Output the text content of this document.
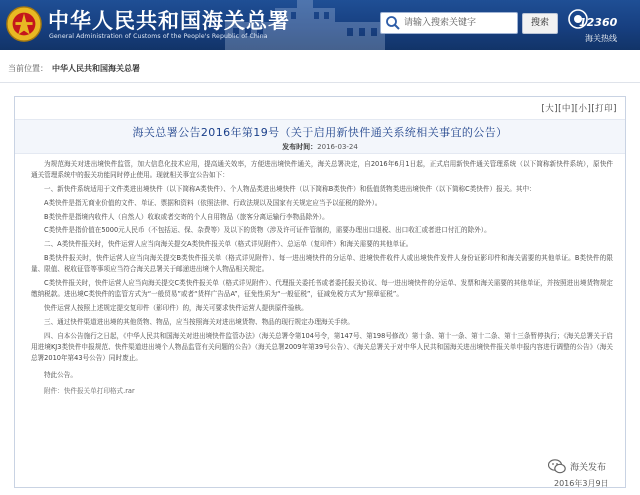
中华人民共和国海关总署
General Administration of Customs of the People's Republic of China
请输入搜索关键字
搜索	12360
海关热线
当前位置： 中华人民共和国海关总署
[大][中][小][打印]
海关总署公告2016年第19号（关于启用新快件通关系统相关事宜的公告）
发布时间：2016-03-24

为规范海关对进出境快件监管，加大信息化技术应用，提高通关效率，方便进出境快件通关，海关总署决定，自2016年6月1日起，正式启用新快件通关管理系统（以下简称新快件系统），原快件通关管理系统中的报关功能同时停止使用。现就相关事宜公告如下：

一、新快件系统适用于文件类进出境快件（以下简称A类快件）、个人物品类进出境快件（以下简称B类快件）和低值货物类进出境快件（以下简称C类快件）报关。其中：

A类快件是指无商业价值的文件、单证、票据和资料（依照法律、行政法规以及国家有关规定应当予以征税的除外）。

B类快件是指境内收件人（自然人）收取或者交寄的个人自用物品（旅客分离运输行李物品除外）。

C类快件是指价值在5000元人民币（不包括运、保、杂费等）及以下的货物（涉及许可证件管制的，需要办理出口退税、出口收汇或者进口付汇的除外）。

二、A类快件报关时，快件运营人应当向海关提交A类快件报关单（格式详见附件）、总运单（复印件）和海关需要的其他单证。

B类快件报关时，快件运营人应当向海关提交B类快件报关单（格式详见附件）、每一进出境快件的分运单、进境快件收件人或出境快件发件人身份证影印件和海关需要的其他单证。B类快件的限量、限值、税收征管等事项应当符合海关总署关于邮递进出境个人物品相关规定。

C类快件报关时，快件运营人应当向海关提交C类快件报关单（格式详见附件）、代理报关委托书或者委托报关协议、每一进出境快件的分运单、发票和海关需要的其他单证，并按照进出境货物规定缴纳税款。进出境C类快件的监管方式为“一般贸易”或者“货样广告品A”，征免性质为“一般征税”，征减免税方式为“照章征税”。

快件运营人按照上述规定提交复印件（影印件）的，海关可要求快件运营人提供原件验核。

三、通过快件渠道进出境的其他货物、物品，应当按照海关对进出境货物、物品的现行规定办理海关手续。

四、自本公告施行之日起，《中华人民共和国海关对进出境快件监管办法》（海关总署令第104号令，第147号、第198号修改）第十条、第十一条、第十二条、第十三条暂停执行；《海关总署关于启用进境KJ3类快件申报规范、快件渠道进出境个人物品监管有关问题的公告》（海关总署2009年第39号公告）、《海关总署关于对中华人民共和国海关进出境快件报关单申报内容进行调整的公告》（海关总署2010年第43号公告）同时废止。

特此公告。

附件：快件报关单打印格式.rar
海关发布
2016年3月9日
